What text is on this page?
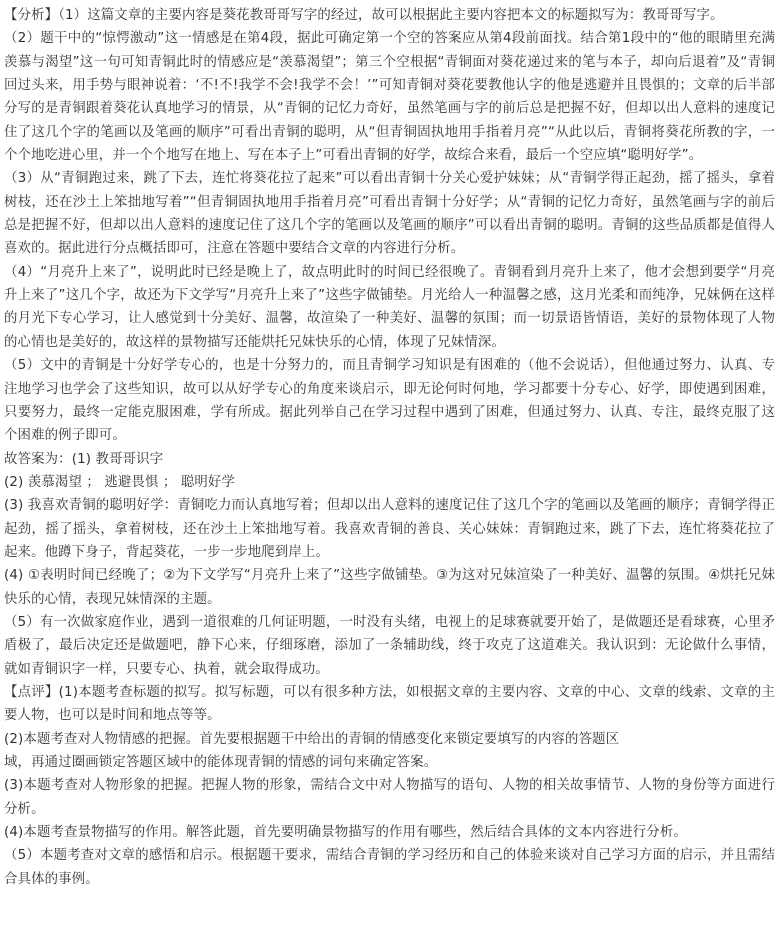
【分析】（1）这篇文章的主要内容是葵花教哥哥写字的经过，故可以根据此主要内容把本文的标题拟写为：教哥哥写字。
（2）题干中的“惊愕激动”这一情感是在第4段，据此可确定第一个空的答案应从第4段前面找。结合第1段中的“他的眼睛里充满羡慕与渴望”这一句可知青铜此时的情感应是“羡慕渴望”；第三个空根据“青铜面对葵花递过来的笔与本子，却向后退着”及“青铜回过头来，用手势与眼神说着：‘不!不!我学不会!我学不会！’”可知青铜对葵花要教他认字的他是逃避并且畏惧的；文章的后半部分写的是青铜跟着葵花认真地学习的情景，从“青铜的记忆力奇好，虽然笔画与字的前后总是把握不好，但却以出人意料的速度记住了这几个字的笔画以及笔画的顺序”可看出青铜的聪明，从“但青铜固执地用手指着月亮”“从此以后，青铜将葵花所教的字，一个个地吃进心里，并一个个地写在地上、写在本子上”可看出青铜的好学，故综合来看，最后一个空应填“聪明好学”。
（3）从“青铜跑过来，跳了下去，连忙将葵花拉了起来”可以看出青铜十分关心爱护妹妹；从“青铜学得正起劲，摇了摇头，拿着树枝，还在沙土上笨拙地写着”“但青铜固执地用手指着月亮”可看出青铜十分好学；从“青铜的记忆力奇好，虽然笔画与字的前后总是把握不好，但却以出人意料的速度记住了这几个字的笔画以及笔画的顺序”可以看出青铜的聪明。青铜的这些品质都是值得人喜欢的。据此进行分点概括即可，注意在答题中要结合文章的内容进行分析。
（4）“月亮升上来了”，说明此时已经是晚上了，故点明此时的时间已经很晚了。青铜看到月亮升上来了，他才会想到要学“月亮升上来了”这几个字，故还为下文学写“月亮升上来了”这些字做铺垫。月光给人一种温馨之感，这月光柔和而纯净，兄妹俩在这样的月光下专心学习，让人感觉到十分美好、温馨，故渲染了一种美好、温馨的氛围；而一切景语皆情语，美好的景物体现了人物的心情也是美好的，故这样的景物描写还能烘托兄妹快乐的心情，体现了兄妹情深。
（5）文中的青铜是十分好学专心的，也是十分努力的，而且青铜学习知识是有困难的（他不会说话），但他通过努力、认真、专注地学习也学会了这些知识，故可以从好学专心的角度来谈启示，即无论何时何地，学习都要十分专心、好学，即使遇到困难，只要努力，最终一定能克服困难，学有所成。据此列举自己在学习过程中遇到了困难，但通过努力、认真、专注，最终克服了这个困难的例子即可。
故答案为：(1) 教哥哥识字
(2) 羡慕渴望 ； 逃避畏惧 ； 聪明好学
(3) 我喜欢青铜的聪明好学：青铜吃力而认真地写着；但却以出人意料的速度记住了这几个字的笔画以及笔画的顺序；青铜学得正起劲，摇了摇头，拿着树枝，还在沙土上笨拙地写着。我喜欢青铜的善良、关心妹妹：青铜跑过来，跳了下去，连忙将葵花拉了起来。他蹲下身子，背起葵花，一步一步地爬到岸上。
(4) ①表明时间已经晚了；②为下文学写“月亮升上来了”这些字做铺垫。③为这对兄妹渲染了一种美好、温馨的氛围。④烘托兄妹快乐的心情，表现兄妹情深的主题。
（5）有一次做家庭作业，遇到一道很难的几何证明题，一时没有头绪，电视上的足球赛就要开始了，是做题还是看球赛，心里矛盾极了，最后决定还是做题吧，静下心来，仔细琢磨，添加了一条辅助线，终于攻克了这道难关。我认识到：无论做什么事情，就如青铜识字一样，只要专心、执着，就会取得成功。
【点评】(1)本题考查标题的拟写。拟写标题，可以有很多种方法，如根据文章的主要内容、文章的中心、文章的线索、文章的主要人物，也可以是时间和地点等等。
(2)本题考查对人物情感的把握。首先要根据题干中给出的青铜的情感变化来锁定要填写的内容的答题区
域，再通过圈画锁定答题区域中的能体现青铜的情感的词句来确定答案。
(3)本题考查对人物形象的把握。把握人物的形象，需结合文中对人物描写的语句、人物的相关故事情节、人物的身份等方面进行分析。
(4)本题考查景物描写的作用。解答此题，首先要明确景物描写的作用有哪些，然后结合具体的文本内容进行分析。
（5）本题考查对文章的感悟和启示。根据题干要求，需结合青铜的学习经历和自己的体验来谈对自己学习方面的启示，并且需结合具体的事例。
